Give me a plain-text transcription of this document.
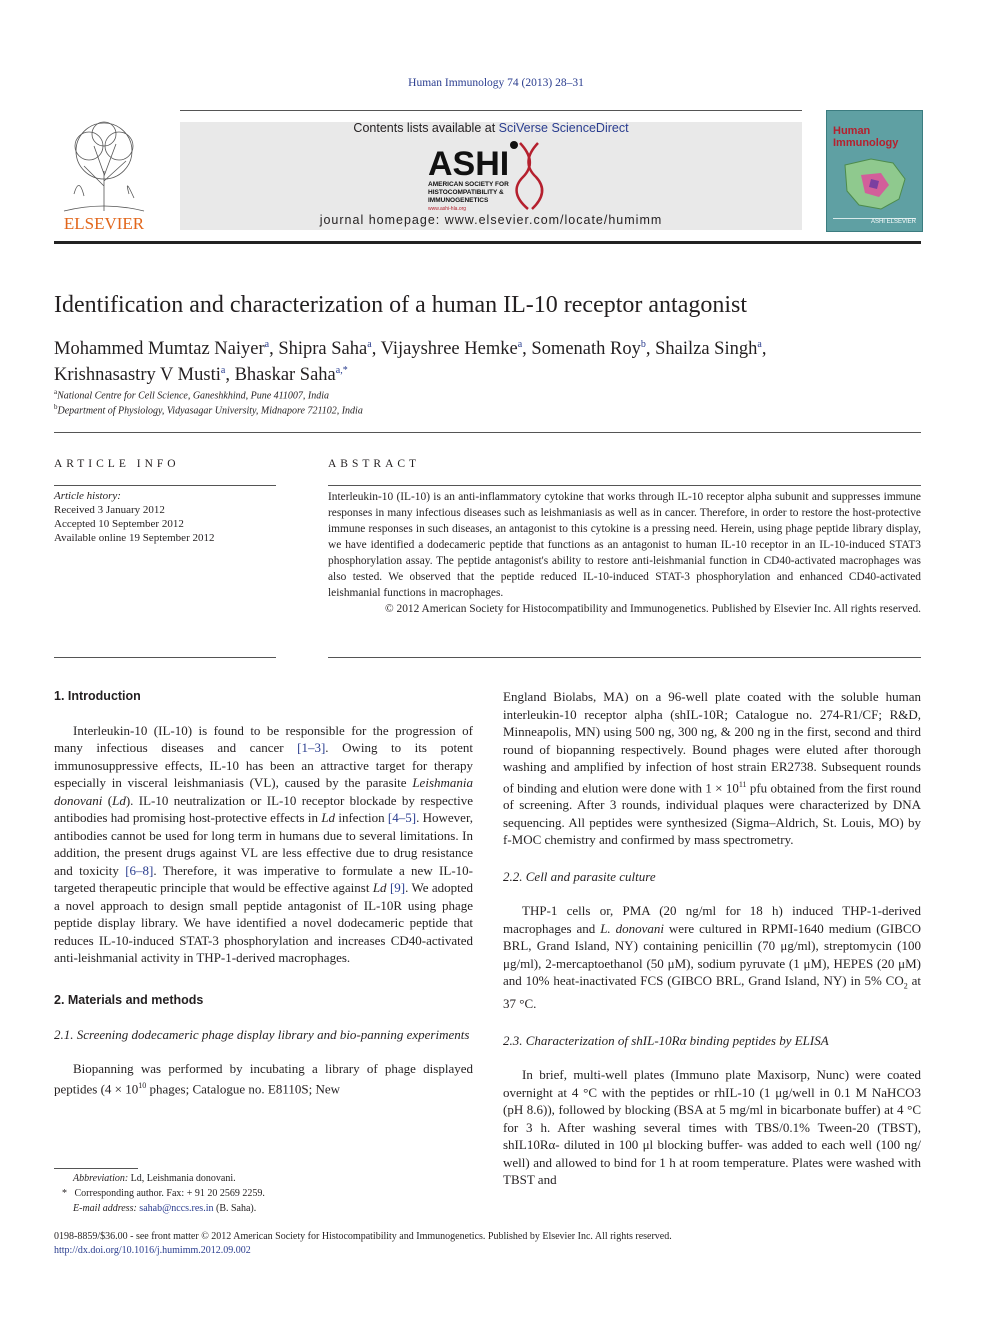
Human Immunology 74 (2013) 28–31
ELSEVIER
Contents lists available at SciVerse ScienceDirect
ASHI
AMERICAN SOCIETY FOR
HISTOCOMPATIBILITY &
IMMUNOGENETICS
www.ashi-hla.org
journal homepage: www.elsevier.com/locate/humimm
Human
Immunology
ASHI ELSEVIER
Identification and characterization of a human IL-10 receptor antagonist
Mohammed Mumtaz Naiyer$^a$, Shipra Saha$^a$, Vijayshree Hemke$^a$, Somenath Roy$^b$, Shailza Singh$^a$,
Krishnasastry V Musti$^a$, Bhaskar Saha$^{a,*}$
$^a$National Centre for Cell Science, Ganeshkhind, Pune 411007, India
$^b$Department of Physiology, Vidyasagar University, Midnapore 721102, India
ARTICLE INFO
Article history:
Received 3 January 2012
Accepted 10 September 2012
Available online 19 September 2012
ABSTRACT
Interleukin-10 (IL-10) is an anti-inflammatory cytokine that works through IL-10 receptor alpha subunit and suppresses immune responses in many infectious diseases such as leishmaniasis as well as in cancer. Therefore, in order to restore the host-protective immune responses in such diseases, an antagonist to this cytokine is a pressing need. Herein, using phage peptide library display, we have identified a dodecameric peptide that functions as an antagonist to human IL-10 receptor in an IL-10-induced STAT3 phosphorylation assay. The peptide antagonist's ability to restore anti-leishmanial function in CD40-activated macrophages was also tested. We observed that the peptide reduced IL-10-induced STAT-3 phosphorylation and enhanced CD40-activated leishmanial functions in macrophages.
© 2012 American Society for Histocompatibility and Immunogenetics. Published by Elsevier Inc. All rights reserved.
1. Introduction

Interleukin-10 (IL-10) is found to be responsible for the progression of many infectious diseases and cancer [1–3]. Owing to its potent immunosuppressive effects, IL-10 has been an attractive target for therapy especially in visceral leishmaniasis (VL), caused by the parasite Leishmania donovani (Ld). IL-10 neutralization or IL-10 receptor blockade by respective antibodies had promising host-protective effects in Ld infection [4–5]. However, antibodies cannot be used for long term in humans due to several limitations. In addition, the present drugs against VL are less effective due to drug resistance and toxicity [6–8]. Therefore, it was imperative to formulate a new IL-10-targeted therapeutic principle that would be effective against Ld [9]. We adopted a novel approach to design small peptide antagonist of IL-10R using phage peptide display library. We have identified a novel dodecameric peptide that reduces IL-10-induced STAT-3 phosphorylation and increases CD40-activated anti-leishmanial activity in THP-1-derived macrophages.

2. Materials and methods
2.1. Screening dodecameric phage display library and bio-panning experiments

Biopanning was performed by incubating a library of phage displayed peptides ($4 \times 10^{10}$ phages; Catalogue no. E8110S; New

England Biolabs, MA) on a 96-well plate coated with the soluble human interleukin-10 receptor alpha (shIL-10R; Catalogue no. 274-R1/CF; R&D, Minneapolis, MN) using 500 ng, 300 ng, & 200 ng in the first, second and third round of biopanning respectively. Bound phages were eluted after thorough washing and amplified by infection of host strain ER2738. Subsequent rounds of binding and elution were done with $1 \times 10^{11}$ pfu obtained from the first round of screening. After 3 rounds, individual plaques were characterized by DNA sequencing. All peptides were synthesized (Sigma–Aldrich, St. Louis, MO) by f-MOC chemistry and confirmed by mass spectrometry.

2.2. Cell and parasite culture

THP-1 cells or, PMA (20 ng/ml for 18 h) induced THP-1-derived macrophages and L. donovani were cultured in RPMI-1640 medium (GIBCO BRL, Grand Island, NY) containing penicillin (70 μg/ml), streptomycin (100 μg/ml), 2-mercaptoethanol (50 μM), sodium pyruvate (1 μM), HEPES (20 μM) and 10% heat-inactivated FCS (GIBCO BRL, Grand Island, NY) in 5% $CO_2$ at 37 °C.

2.3. Characterization of shIL-10Rα binding peptides by ELISA

In brief, multi-well plates (Immuno plate Maxisorp, Nunc) were coated overnight at 4 °C with the peptides or rhIL-10 (1 μg/well in 0.1 M NaHCO3 (pH 8.6)), followed by blocking (BSA at 5 mg/ml in bicarbonate buffer) at 4 °C for 3 h. After washing several times with TBS/0.1% Tween-20 (TBST), shIL10Rα- diluted in 100 μl blocking buffer- was added to each well (100 ng/ well) and allowed to bind for 1 h at room temperature. Plates were washed with TBST and

Abbreviation: Ld, Leishmania donovani.
* Corresponding author. Fax: + 91 20 2569 2259.
E-mail address: sahab@nccs.res.in (B. Saha).
0198-8859/$36.00 - see front matter © 2012 American Society for Histocompatibility and Immunogenetics. Published by Elsevier Inc. All rights reserved.
http://dx.doi.org/10.1016/j.humimm.2012.09.002
